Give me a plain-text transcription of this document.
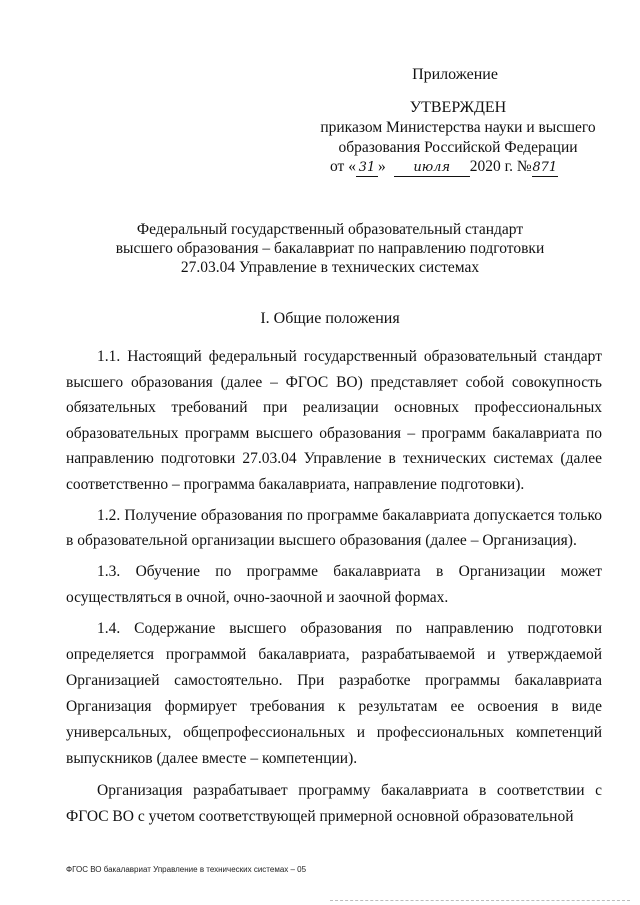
Приложение
УТВЕРЖДЕН
приказом Министерства науки и высшего
образования Российской Федерации
от « 31 » июля 2020 г. №871
Федеральный государственный образовательный стандарт
высшего образования – бакалавриат по направлению подготовки
27.03.04 Управление в технических системах
I. Общие положения

1.1. Настоящий федеральный государственный образовательный стандарт высшего образования (далее – ФГОС ВО) представляет собой совокупность обязательных требований при реализации основных профессиональных образовательных программ высшего образования – программ бакалавриата по направлению подготовки 27.03.04 Управление в технических системах (далее соответственно – программа бакалавриата, направление подготовки).

1.2. Получение образования по программе бакалавриата допускается только в образовательной организации высшего образования (далее – Организация).

1.3. Обучение по программе бакалавриата в Организации может осуществляться в очной, очно-заочной и заочной формах.

1.4. Содержание высшего образования по направлению подготовки определяется программой бакалавриата, разрабатываемой и утверждаемой Организацией самостоятельно. При разработке программы бакалавриата Организация формирует требования к результатам ее освоения в виде универсальных, общепрофессиональных и профессиональных компетенций выпускников (далее вместе – компетенции).

Организация разрабатывает программу бакалавриата в соответствии с ФГОС ВО с учетом соответствующей примерной основной образовательной

ФГОС ВО бакалавриат Управление в технических системах – 05
